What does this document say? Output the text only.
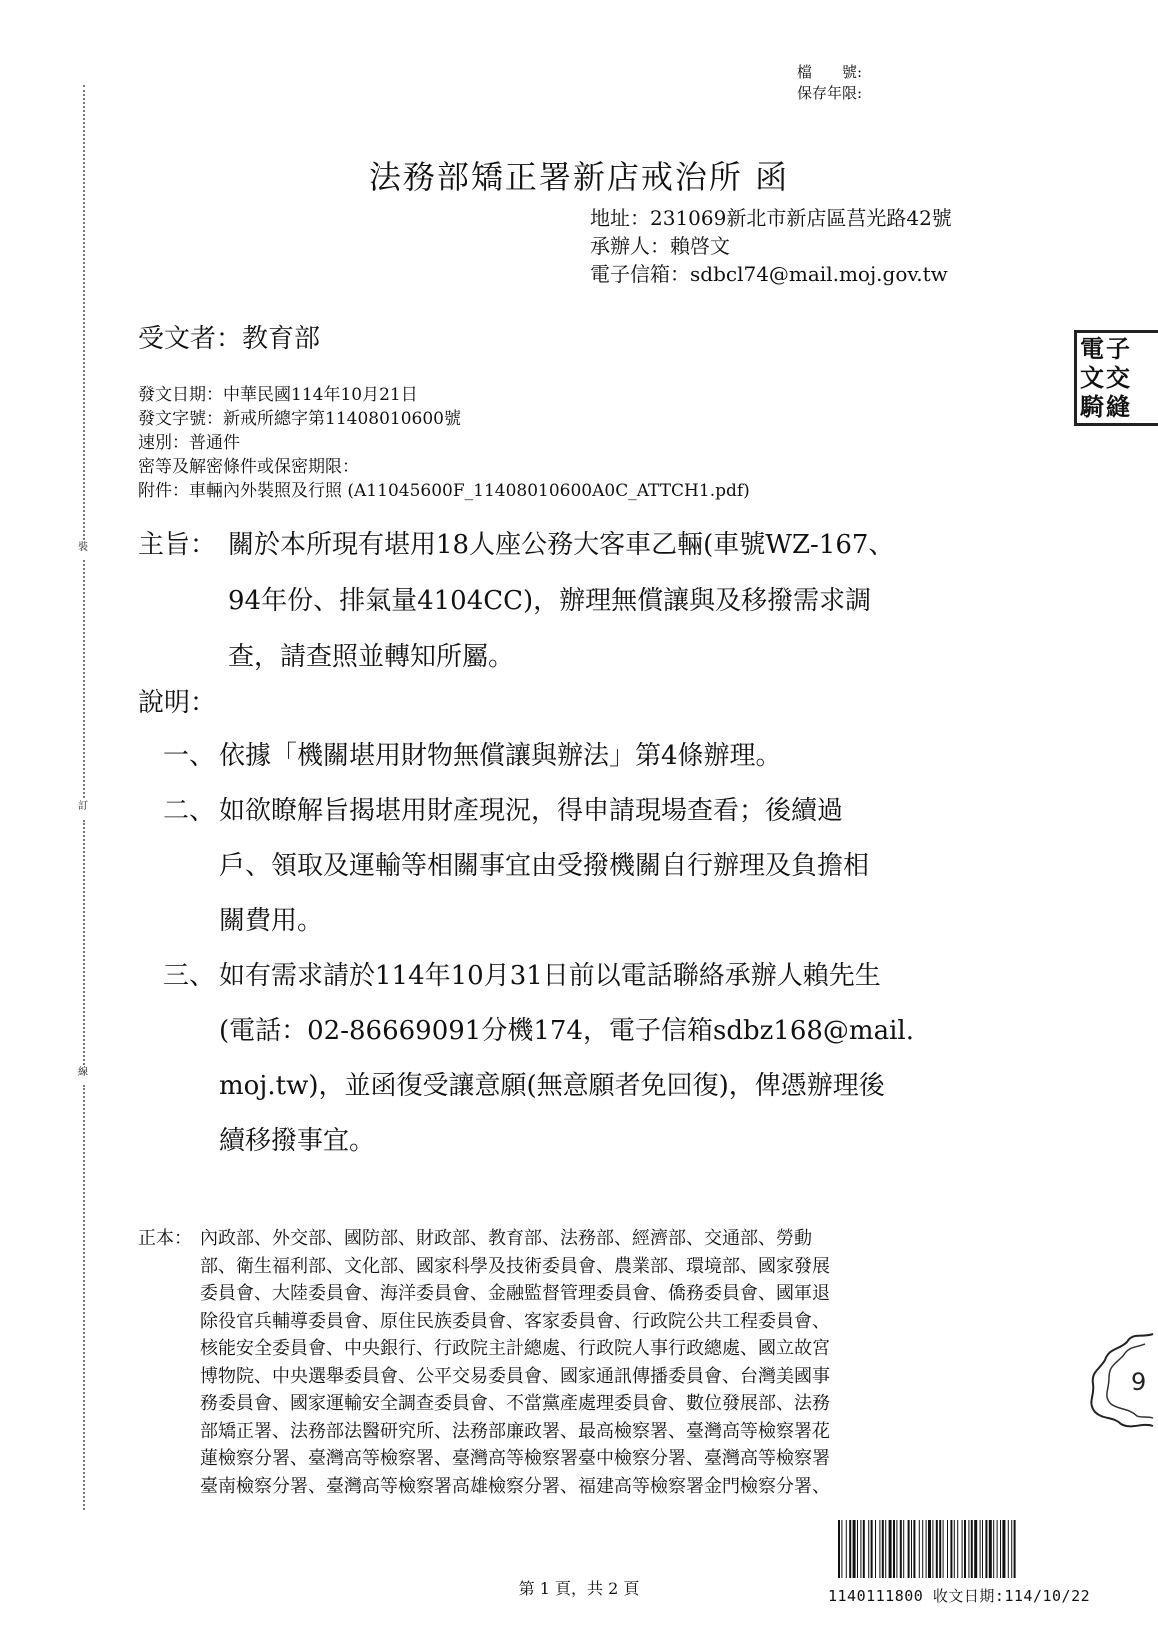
裝
訂
線
檔　　號:
保存年限:
法務部矯正署新店戒治所 函
地址：231069新北市新店區莒光路42號
承辦人：賴啓文
電子信箱：sdbcl74@mail.moj.gov.tw
電 子
文 交
騎 縫
受文者：教育部
發文日期：中華民國114年10月21日
發文字號：新戒所總字第11408010600號
速別：普通件
密等及解密條件或保密期限：
附件：車輛內外裝照及行照 (A11045600F_11408010600A0C_ATTCH1.pdf)
主旨： 關於本所現有堪用18人座公務大客車乙輛(車號WZ-167、
94年份、排氣量4104CC)，辦理無償讓與及移撥需求調
查，請查照並轉知所屬。
說明：
一、 依據「機關堪用財物無償讓與辦法」第4條辦理。
二、 如欲瞭解旨揭堪用財產現況，得申請現場查看；後續過
戶、領取及運輸等相關事宜由受撥機關自行辦理及負擔相
關費用。
三、 如有需求請於114年10月31日前以電話聯絡承辦人賴先生
(電話：02-86669091分機174，電子信箱sdbz168@mail.
moj.tw)，並函復受讓意願(無意願者免回復)，俾憑辦理後
續移撥事宜。
正本： 內政部、外交部、國防部、財政部、教育部、法務部、經濟部、交通部、勞動
部、衛生福利部、文化部、國家科學及技術委員會、農業部、環境部、國家發展
委員會、大陸委員會、海洋委員會、金融監督管理委員會、僑務委員會、國軍退
除役官兵輔導委員會、原住民族委員會、客家委員會、行政院公共工程委員會、
核能安全委員會、中央銀行、行政院主計總處、行政院人事行政總處、國立故宮
博物院、中央選舉委員會、公平交易委員會、國家通訊傳播委員會、台灣美國事
務委員會、國家運輸安全調查委員會、不當黨產處理委員會、數位發展部、法務
部矯正署、法務部法醫研究所、法務部廉政署、最高檢察署、臺灣高等檢察署花
蓮檢察分署、臺灣高等檢察署、臺灣高等檢察署臺中檢察分署、臺灣高等檢察署
臺南檢察分署、臺灣高等檢察署高雄檢察分署、福建高等檢察署金門檢察分署、
9
第 1 頁，共 2 頁	1140111800 收文日期:114/10/22
